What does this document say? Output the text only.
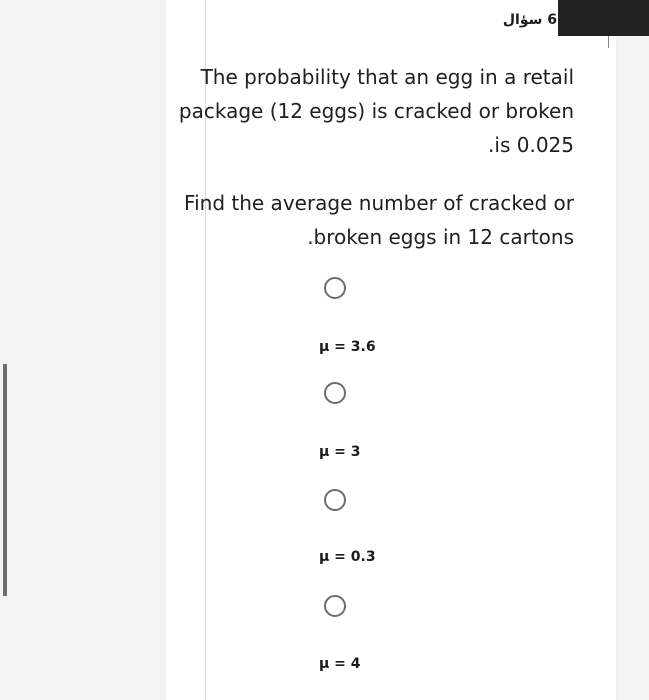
6 سؤال
The probability that an egg in a retail
package (12 eggs) is cracked or broken
.is 0.025
Find the average number of cracked or
.broken eggs in 12 cartons
μ = 3.6
μ = 3
μ = 0.3
μ = 4
